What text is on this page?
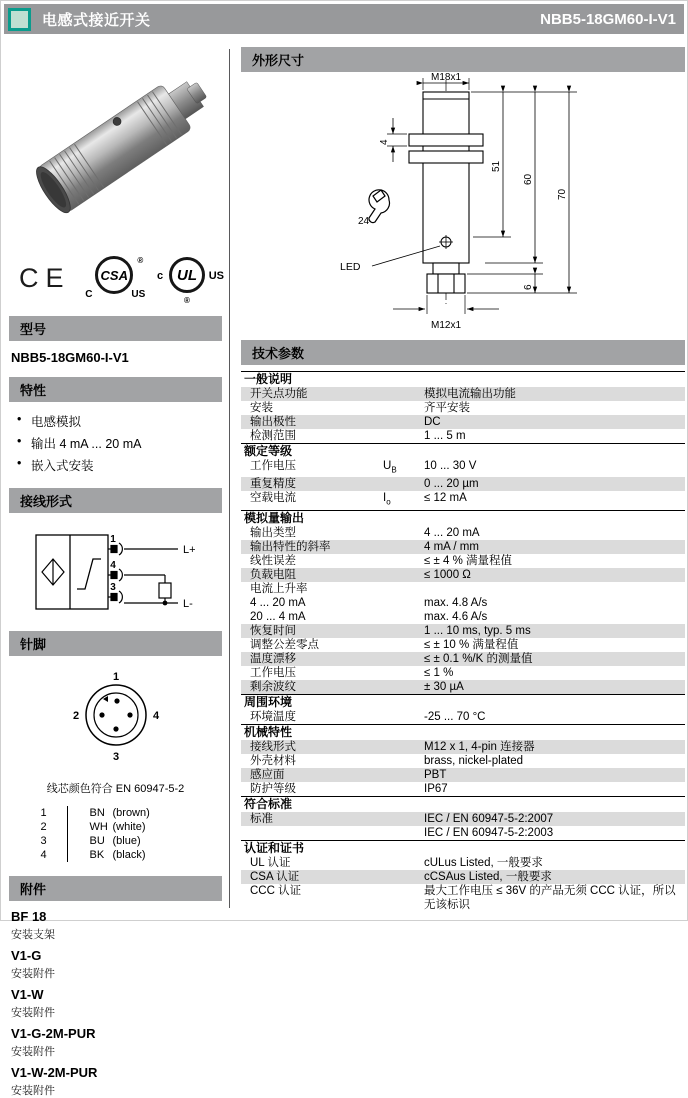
电感式接近开关	NBB5-18GM60-I-V1
CE	CSA
®
C	US
UL
c	US
®
型号
NBB5-18GM60-I-V1
特性
• 电感模拟
• 输出 4 mA ... 20 mA
• 嵌入式安装
接线形式
1
4
3
L+
L-
针脚
1
2	4
3
线芯颜色符合 EN 60947-5-2
1	BN (brown)
2	WH (white)
3	BU (blue)
4	BK (black)
附件
BF 18
安装支架
V1-G
安装附件
V1-W
安装附件
V1-G-2M-PUR
安装附件
V1-W-2M-PUR
安装附件
外形尺寸
LED
24
M18x1
4
51
60
6
70
M12x1
技术参数
一般说明
开关点功能	模拟电流输出功能
安装	齐平安装
输出极性	DC
检测范围	1 ... 5 m
额定等级
工作电压	$U_B$	10 ... 30 V
重复精度	0 ... 20 µm
空载电流	$I_o$	≤ 12 mA
模拟量输出
输出类型	4 ... 20 mA
输出特性的斜率	4 mA / mm
线性误差	≤ ± 4 % 满量程值
负载电阻	≤ 1000 Ω
电流上升率
4 ... 20 mA	max. 4.8 A/s
20 ... 4 mA	max. 4.6 A/s
恢复时间	1 ... 10 ms, typ. 5 ms
调整公差零点	≤ ± 10 % 满量程值
温度漂移	≤ ± 0.1 %/K 的测量值
工作电压	≤ 1 %
剩余波纹	± 30 µA
周围环境
环境温度	-25 ... 70 °C
机械特性
接线形式	M12 x 1, 4-pin 连接器
外壳材料	brass, nickel-plated
感应面	PBT
防护等级	IP67
符合标准
标准	IEC / EN 60947-5-2:2007
IEC / EN 60947-5-2:2003
认证和证书
UL 认证	cULus Listed, 一般要求
CSA 认证	cCSAus Listed, 一般要求
CCC 认证	最大工作电压 ≤ 36V 的产品无须 CCC 认证，所以无该标识
